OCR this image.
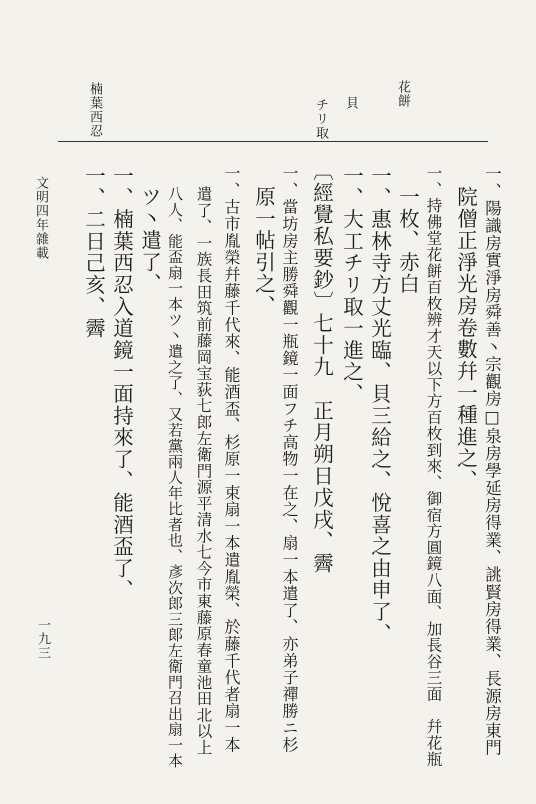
花餅
貝
チリ取
楠葉西忍
一、陽識房實淨房舜善丶宗觀房□泉房學延房得業、誂賢房得業、長源房東門
院僧正淨光房卷數幷一種進之、
一、持佛堂花餅百枚辨才天以下方百枚到來、御宿方圓鏡八面、加長谷三面　幷花瓶
一枚、赤白
一、惠林寺方丈光臨、貝三給之、悅喜之由申了、
一、大工チリ取一進之、
〔經覺私要鈔〕七十九　正月朔日戊戌、霽
一、當坊房主勝舜觀一瓶鏡一面フチ高物一在之、扇一本遣了、亦弟子禪勝ニ杉
原一帖引之、
一、古市胤榮幷藤千代來、能酒盃、杉原一束扇一本遣胤榮、於藤千代者扇一本
遣了、一族長田筑前藤岡宝荻七郎左衛門源平清水七今市東藤原春童池田北以上
八人、能盃扇一本ツ丶遣之了、又若黨兩人年比者也、彥次郎三郞左衛門召出扇一本
ツ丶遣了、
一、楠葉西忍入道鏡一面持來了、能酒盃了、
一、二日己亥、霽
文明四年雜載
一九三
